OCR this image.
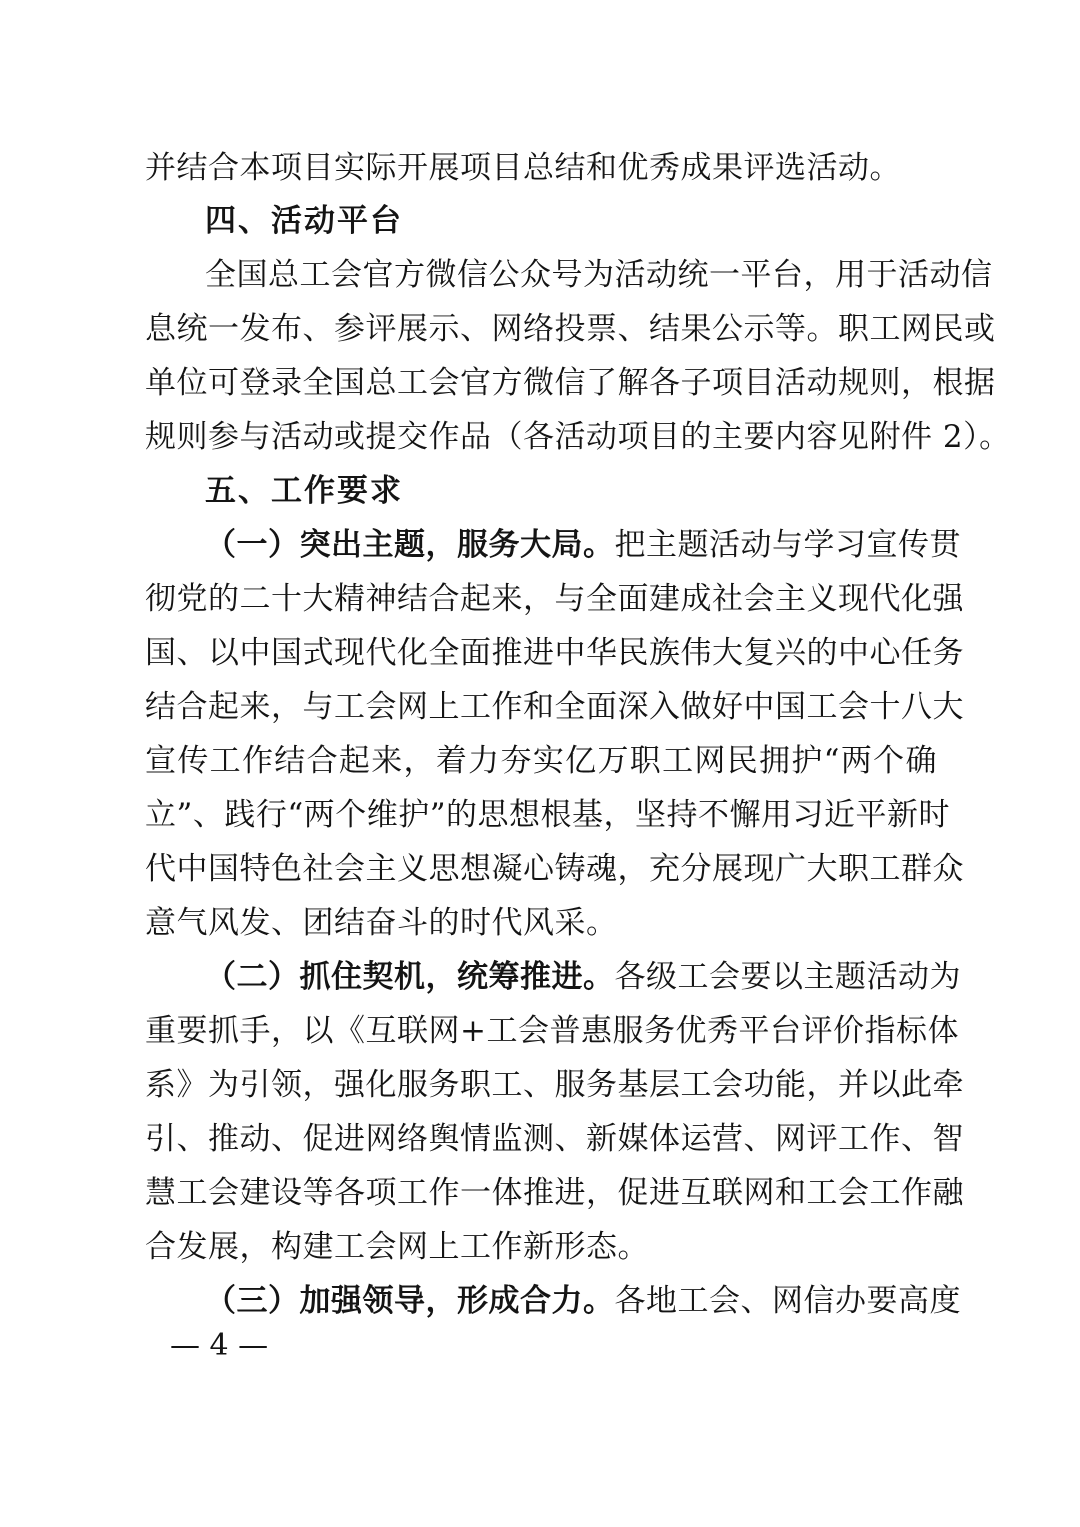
并结合本项目实际开展项目总结和优秀成果评选活动。
四、活动平台
全国总工会官方微信公众号为活动统一平台，用于活动信
息统一发布、参评展示、网络投票、结果公示等。职工网民或
单位可登录全国总工会官方微信了解各子项目活动规则，根据
规则参与活动或提交作品（各活动项目的主要内容见附件 2）。
五、工作要求
（一）突出主题，服务大局。把主题活动与学习宣传贯
彻党的二十大精神结合起来，与全面建成社会主义现代化强
国、以中国式现代化全面推进中华民族伟大复兴的中心任务
结合起来，与工会网上工作和全面深入做好中国工会十八大
宣传工作结合起来，着力夯实亿万职工网民拥护“两个确
立”、践行“两个维护”的思想根基，坚持不懈用习近平新时
代中国特色社会主义思想凝心铸魂，充分展现广大职工群众
意气风发、团结奋斗的时代风采。
（二）抓住契机，统筹推进。各级工会要以主题活动为
重要抓手，以《互联网+工会普惠服务优秀平台评价指标体
系》为引领，强化服务职工、服务基层工会功能，并以此牵
引、推动、促进网络舆情监测、新媒体运营、网评工作、智
慧工会建设等各项工作一体推进，促进互联网和工会工作融
合发展，构建工会网上工作新形态。
（三）加强领导，形成合力。各地工会、网信办要高度
— 4 —
